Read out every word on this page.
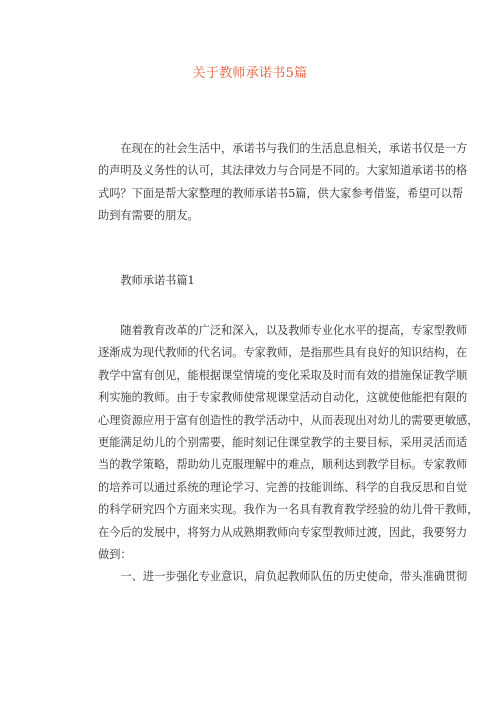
关于教师承诺书5篇
　　在现在的社会生活中，承诺书与我们的生活息息相关，承诺书仅是一方
的声明及义务性的认可，其法律效力与合同是不同的。大家知道承诺书的格
式吗？下面是帮大家整理的教师承诺书5篇，供大家参考借鉴，希望可以帮
助到有需要的朋友。
　　教师承诺书篇1
　　随着教育改革的广泛和深入，以及教师专业化水平的提高，专家型教师
逐渐成为现代教师的代名词。专家教师，是指那些具有良好的知识结构，在
教学中富有创见，能根据课堂情境的变化采取及时而有效的措施保证教学顺
利实施的教师。由于专家教师使常规课堂活动自动化，这就使他能把有限的
心理资源应用于富有创造性的教学活动中，从而表现出对幼儿的需要更敏感，
更能满足幼儿的个别需要，能时刻记住课堂教学的主要目标，采用灵活而适
当的教学策略，帮助幼儿克服理解中的难点，顺利达到教学目标。专家教师
的培养可以通过系统的理论学习、完善的技能训练、科学的自我反思和自觉
的科学研究四个方面来实现。我作为一名具有教育教学经验的幼儿骨干教师，
在今后的发展中，将努力从成熟期教师向专家型教师过渡，因此，我要努力
做到：
　　一、进一步强化专业意识，肩负起教师队伍的历史使命，带头准确贯彻
